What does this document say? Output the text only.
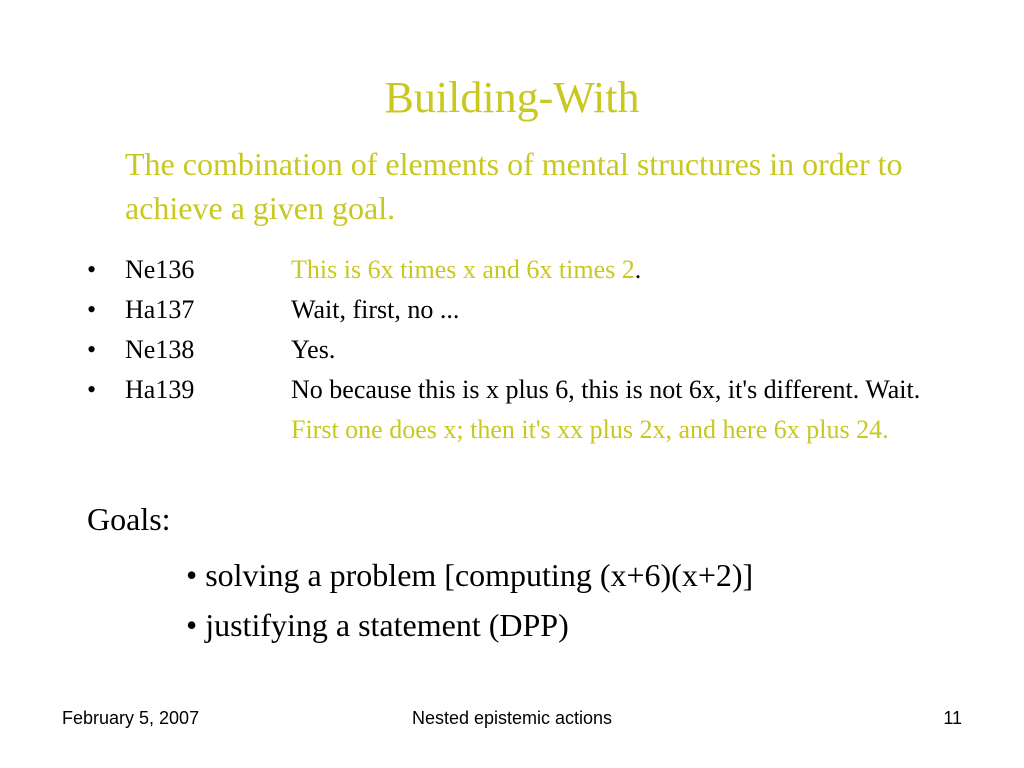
Building-With
The combination of elements of mental structures in order to achieve a given goal.
•	Ne136	This is 6x times x and 6x times 2.
•	Ha137	Wait, first, no ...
•	Ne138	Yes.
•	Ha139	No because this is x plus 6, this is not 6x, it's different. Wait. First one does x; then it's xx plus 2x, and here 6x plus 24.
Goals:
• solving a problem [computing (x+6)(x+2)]
• justifying a statement (DPP)
February 5, 2007	Nested epistemic actions	11
